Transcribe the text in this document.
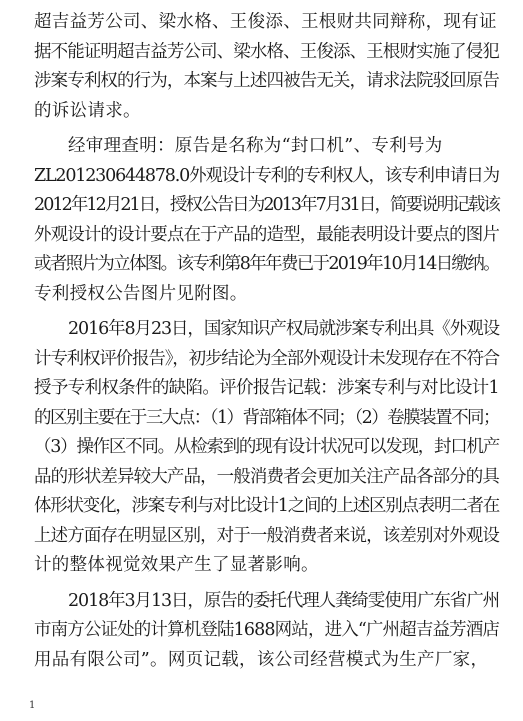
超吉益芳公司、梁水格、王俊添、王根财共同辩称，现有证
据不能证明超吉益芳公司、梁水格、王俊添、王根财实施了侵犯
涉案专利权的行为，本案与上述四被告无关，请求法院驳回原告
的诉讼请求。

经审理查明：原告是名称为“封口机”、专利号为
ZL201230644878.0外观设计专利的专利权人，该专利申请日为
2012年12月21日，授权公告日为2013年7月31日，简要说明记载该
外观设计的设计要点在于产品的造型，最能表明设计要点的图片
或者照片为立体图。该专利第8年年费已于2019年10月14日缴纳。
专利授权公告图片见附图。

2016年8月23日，国家知识产权局就涉案专利出具《外观设
计专利权评价报告》，初步结论为全部外观设计未发现存在不符合
授予专利权条件的缺陷。评价报告记载：涉案专利与对比设计1
的区别主要在于三大点：（1）背部箱体不同；（2）卷膜装置不同；
（3）操作区不同。从检索到的现有设计状况可以发现，封口机产
品的形状差异较大产品，一般消费者会更加关注产品各部分的具
体形状变化，涉案专利与对比设计1之间的上述区别点表明二者在
上述方面存在明显区别，对于一般消费者来说，该差别对外观设
计的整体视觉效果产生了显著影响。

2018年3月13日，原告的委托代理人龚绮雯使用广东省广州
市南方公证处的计算机登陆1688网站，进入“广州超吉益芳酒店
用品有限公司”。网页记载，该公司经营模式为生产厂家，

1
